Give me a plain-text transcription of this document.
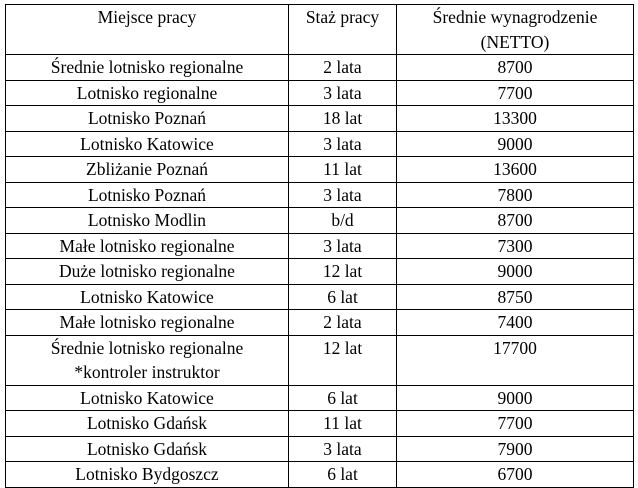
Miejsce pracy	Staż pracy	Średnie wynagrodzenie
(NETTO)

Średnie lotnisko regionalne	2 lata	8700

Lotnisko regionalne	3 lata	7700

Lotnisko Poznań	18 lat	13300

Lotnisko Katowice	3 lata	9000

Zbliżanie Poznań	11 lat	13600

Lotnisko Poznań	3 lata	7800

Lotnisko Modlin	b/d	8700

Małe lotnisko regionalne	3 lata	7300

Duże lotnisko regionalne	12 lat	9000

Lotnisko Katowice	6 lat	8750

Małe lotnisko regionalne	2 lata	7400

Średnie lotnisko regionalne
*kontroler instruktor	12 lat	17700

Lotnisko Katowice	6 lat	9000

Lotnisko Gdańsk	11 lat	7700

Lotnisko Gdańsk	3 lata	7900

Lotnisko Bydgoszcz	6 lat	6700
